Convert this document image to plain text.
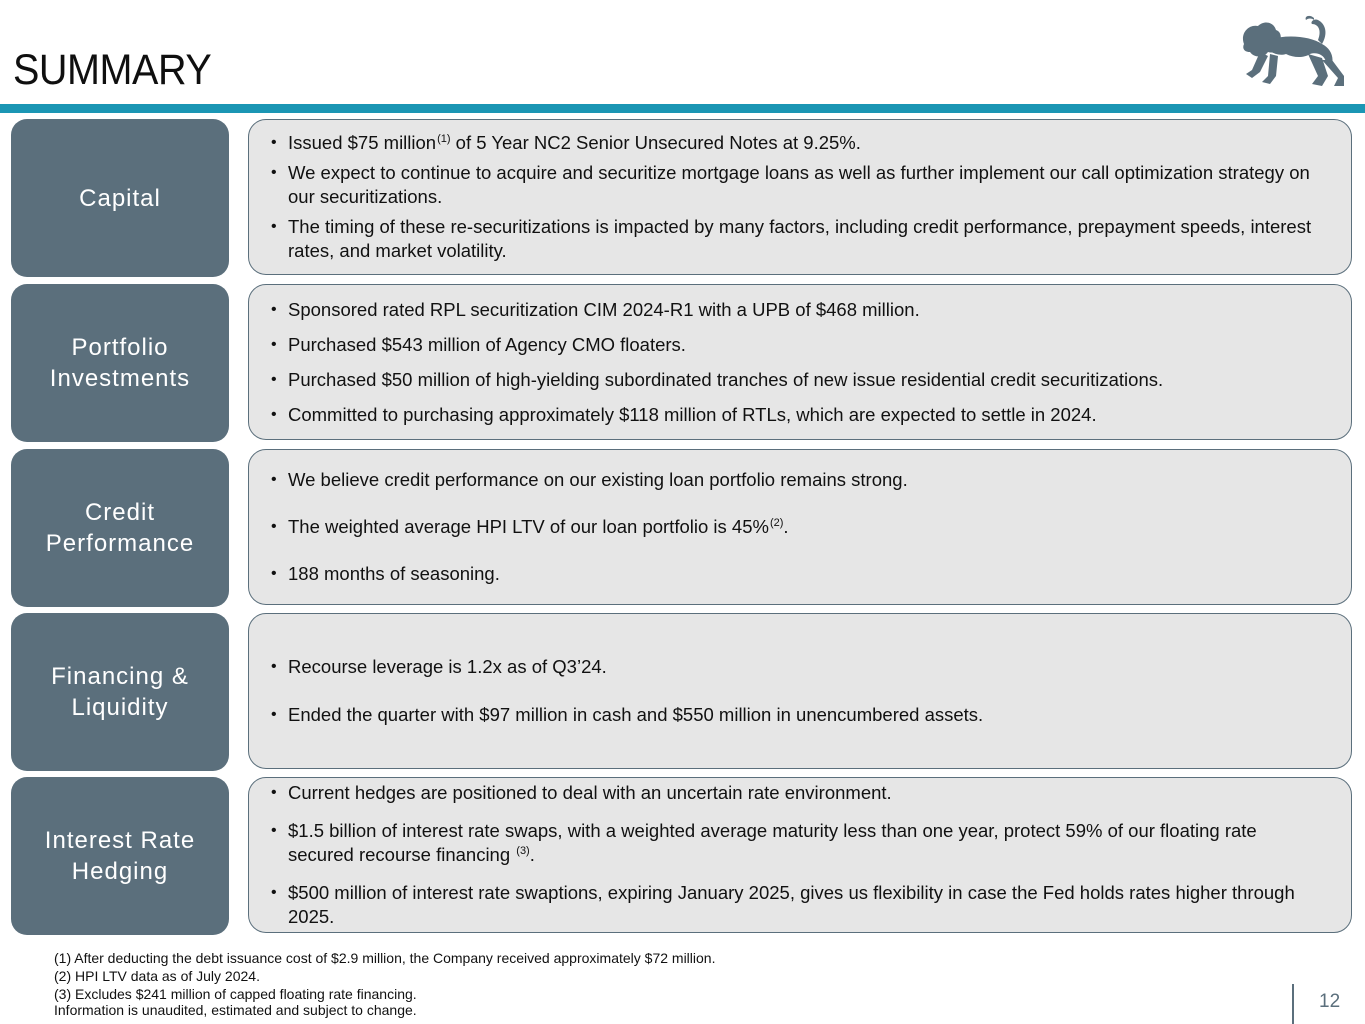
SUMMARY
Capital
• Issued $75 million$^{(1)}$ of 5 Year NC2 Senior Unsecured Notes at 9.25%.
• We expect to continue to acquire and securitize mortgage loans as well as further implement our call optimization strategy on our securitizations.
• The timing of these re-securitizations is impacted by many factors, including credit performance, prepayment speeds, interest rates, and market volatility.
Portfolio
Investments
• Sponsored rated RPL securitization CIM 2024-R1 with a UPB of $468 million.
• Purchased $543 million of Agency CMO floaters.
• Purchased $50 million of high-yielding subordinated tranches of new issue residential credit securitizations.
• Committed to purchasing approximately $118 million of RTLs, which are expected to settle in 2024.
Credit
Performance
• We believe credit performance on our existing loan portfolio remains strong.
• The weighted average HPI LTV of our loan portfolio is 45%$^{(2)}$.
• 188 months of seasoning.
Financing &
Liquidity
• Recourse leverage is 1.2x as of Q3’24.
• Ended the quarter with $97 million in cash and $550 million in unencumbered assets.
Interest Rate
Hedging
• Current hedges are positioned to deal with an uncertain rate environment.
• $1.5 billion of interest rate swaps, with a weighted average maturity less than one year, protect 59% of our floating rate secured recourse financing $^{(3)}$.
• $500 million of interest rate swaptions, expiring January 2025, gives us flexibility in case the Fed holds rates higher through 2025.
(1) After deducting the debt issuance cost of $2.9 million, the Company received approximately $72 million.
(2) HPI LTV data as of July 2024.
(3) Excludes $241 million of capped floating rate financing.
Information is unaudited, estimated and subject to change.	12
